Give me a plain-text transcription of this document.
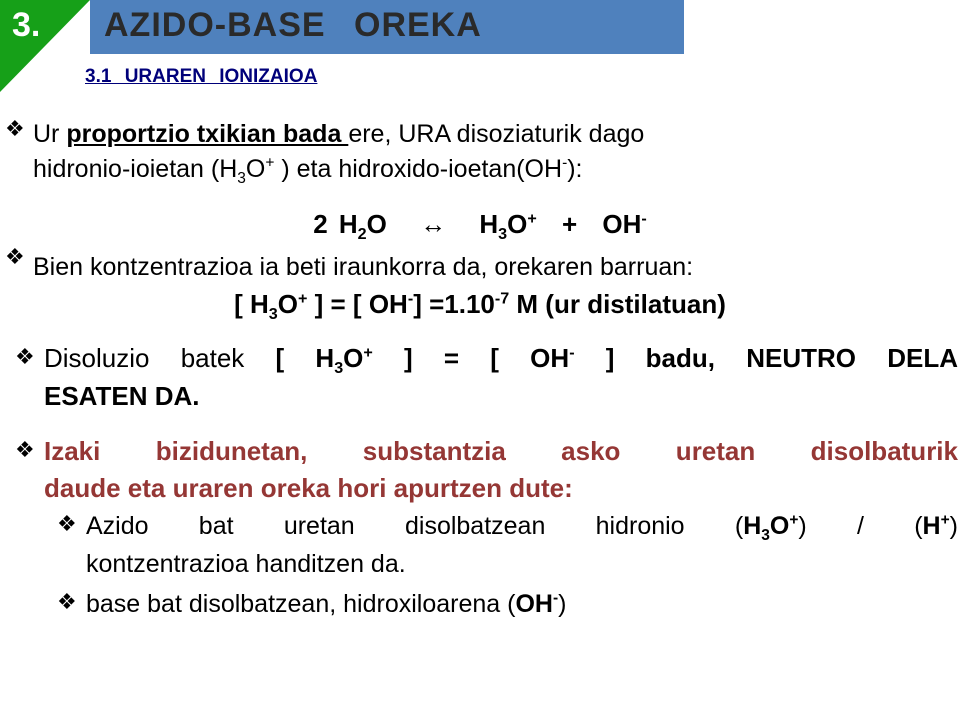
3. AZIDO-BASE OREKA
3.1 URAREN IONIZAIOA
❖ Ur proportzio txikian bada ere, URA disoziaturik dago
hidronio-ioietan ($H_3O^+$ ) eta hidroxido-ioetan(OH-):
2 $H_2O$ ↔ $H_3O^+ + OH^-$
❖ Bien kontzentrazioa ia beti iraunkorra da, orekaren barruan:
[ $H_3O^+$ ] = [ $OH^-] =1.10^{-7}$ M (ur distilatuan)
❖ Disoluzio batek [ $H_3O^+$ ] = [ OH- ] badu, NEUTRO DELA
ESATEN DA.
❖ Izaki bizidunetan, substantzia asko uretan disolbaturik
daude eta uraren oreka hori apurtzen dute:
❖ Azido bat uretan disolbatzean hidronio $(H_3O^+) / (H^+)$
kontzentrazioa handitzen da.
❖ base bat disolbatzean, hidroxiloarena (OH-)
